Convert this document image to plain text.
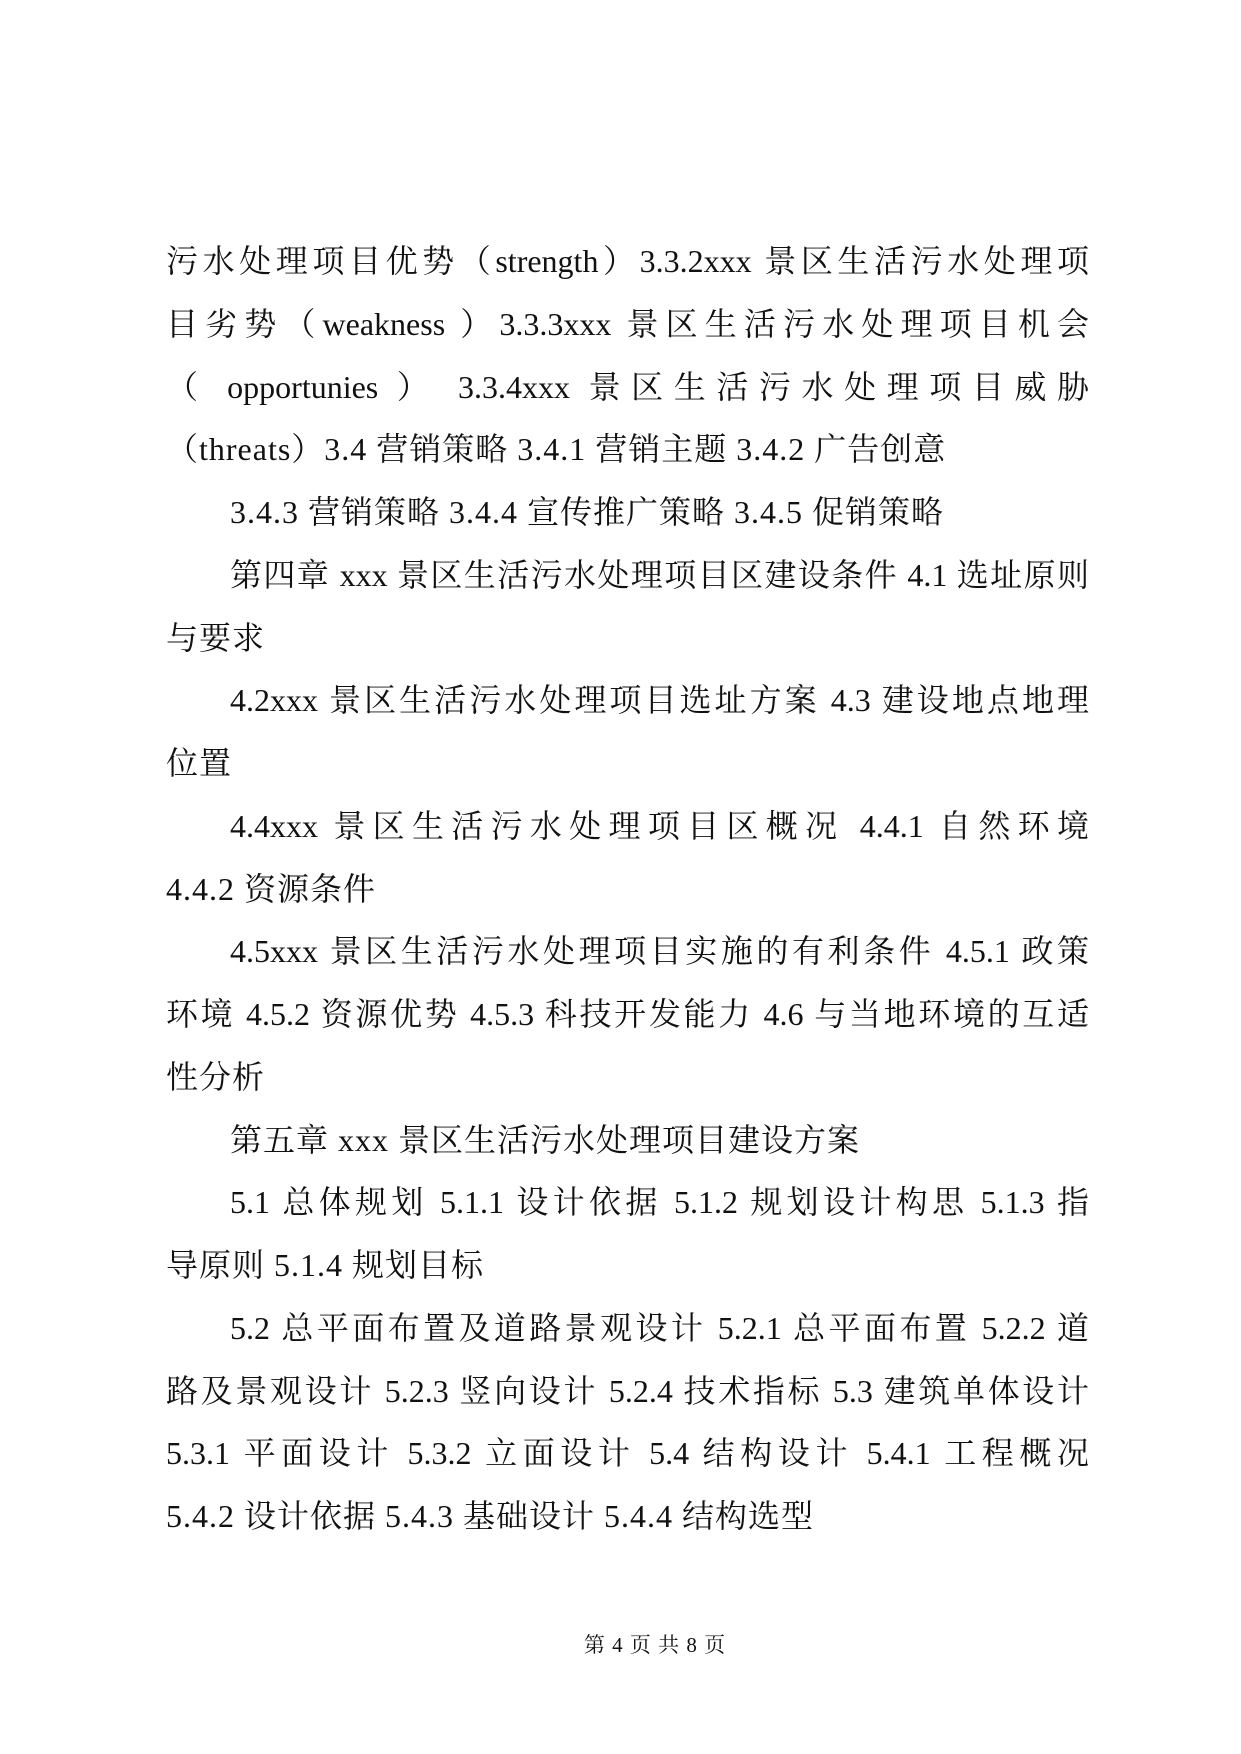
污水处理项目优势（strength）3.3.2xxx 景区生活污水处理项
目劣势（weakness ）3.3.3xxx 景区生活污水处理项目机会
（ opportunies ） 3.3.4xxx 景区生活污水处理项目威胁
（threats）3.4 营销策略 3.4.1 营销主题 3.4.2 广告创意
3.4.3 营销策略 3.4.4 宣传推广策略 3.4.5 促销策略
第四章 xxx 景区生活污水处理项目区建设条件 4.1 选址原则
与要求
4.2xxx 景区生活污水处理项目选址方案 4.3 建设地点地理
位置
4.4xxx 景区生活污水处理项目区概况 4.4.1 自然环境
4.4.2 资源条件
4.5xxx 景区生活污水处理项目实施的有利条件 4.5.1 政策
环境 4.5.2 资源优势 4.5.3 科技开发能力 4.6 与当地环境的互适
性分析
第五章 xxx 景区生活污水处理项目建设方案
5.1 总体规划 5.1.1 设计依据 5.1.2 规划设计构思 5.1.3 指
导原则 5.1.4 规划目标
5.2 总平面布置及道路景观设计 5.2.1 总平面布置 5.2.2 道
路及景观设计 5.2.3 竖向设计 5.2.4 技术指标 5.3 建筑单体设计
5.3.1 平面设计 5.3.2 立面设计 5.4 结构设计 5.4.1 工程概况
5.4.2 设计依据 5.4.3 基础设计 5.4.4 结构选型
第 4 页 共 8 页
